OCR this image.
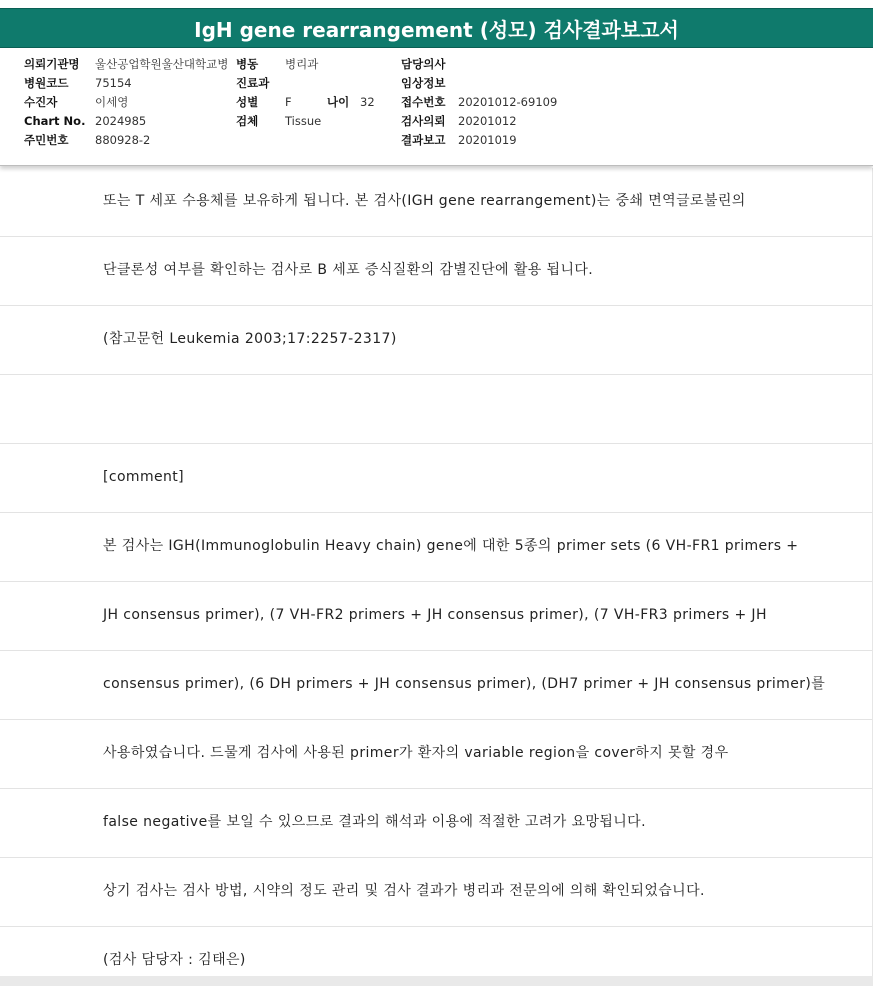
IgH gene rearrangement (성모) 검사결과보고서
의뢰기관명 울산공업학원울산대학교병 병동 병리과	담당의사
병원코드 75154	진료과	임상정보
수진자	이세영	성별 F	나이 32 접수번호 20201012-69109
Chart No. 2024985	검체 Tissue	검사의뢰 20201012
주민번호 880928-2	결과보고 20201019
또는 T 세포 수용체를 보유하게 됩니다. 본 검사(IGH gene rearrangement)는 중쇄 면역글로불린의
단클론성 여부를 확인하는 검사로 B 세포 증식질환의 감별진단에 활용 됩니다.
(참고문헌 Leukemia 2003;17:2257-2317)
[comment]
본 검사는 IGH(Immunoglobulin Heavy chain) gene에 대한 5종의 primer sets (6 VH-FR1 primers +
JH consensus primer), (7 VH-FR2 primers + JH consensus primer), (7 VH-FR3 primers + JH
consensus primer), (6 DH primers + JH consensus primer), (DH7 primer + JH consensus primer)를
사용하였습니다. 드물게 검사에 사용된 primer가 환자의 variable region을 cover하지 못할 경우
false negative를 보일 수 있으므로 결과의 해석과 이용에 적절한 고려가 요망됩니다.
상기 검사는 검사 방법, 시약의 정도 관리 및 검사 결과가 병리과 전문의에 의해 확인되었습니다.
(검사 담당자 : 김태은)
